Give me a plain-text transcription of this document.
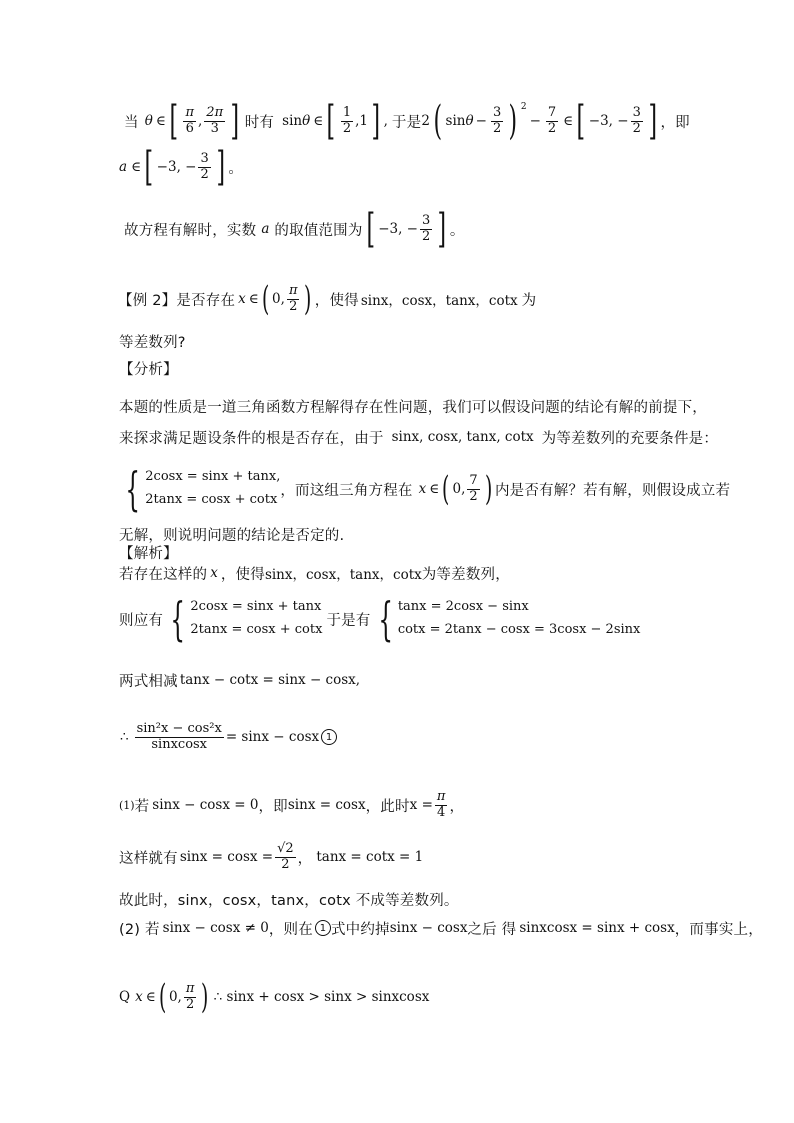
当 θ ∈ [ $\frac{\pi}{6}$ , $\frac{2\pi}{3}$ ] 时有 sin θ ∈ [ $\frac{1}{2} ,1$ ] , 于是 2 ( $\sin \theta - \frac{3}{2}$ ) $^2$
− $\frac{7}{2}$ ∈ [ −3, − $\frac{3}{2}$ ] ，即
a ∈ [ −3, − $\frac{3}{2}$ ] 。
故方程有解时，实数 a 的取值范围为 [ −3, − $\frac{3}{2}$ ] 。
【例 2】 是否存在 x ∈ ( 0, $\frac{\pi}{2}$ ) ，使得 sinx，cosx，tanx，cotx 为
等差数列?
【分析】
本题的性质是一道三角函数方程解得存在性问题，我们可以假设问题的结论有解的前提下，
来探求满足题设条件的根是否存在，由于 sinx, cosx, tanx, cotx 为等差数列的充要条件是：
{ 2cosx = sinx + tanx,
2tanx = cosx + cotx
，而这组三角方程在 x ∈ ( 0, $\frac{7}{2}$ ) 内是否有解？若有解，则假设成立若
无解，则说明问题的结论是否定的.
【解析】
若存在这样的 x ，使得 sinx，cosx，tanx，cotx 为等差数列，
则应有 { 2cosx = sinx + tanx
2tanx = cosx + cotx
于是有 { tanx = 2cosx − sinx
cotx = 2tanx − cosx = 3cosx − 2sinx
两式相减 tanx − cotx = sinx − cosx,
∴ $\frac{\text{sin²x − cos²x}}{\text{sinxcosx}} = \sin x - \cos x$ 1
(1) 若 sinx − cosx = 0 ，即 sinx = cosx ，此时 $x = \frac{\pi}{4}$ ，
这样就有 $\sin x = \cos x = \frac{√2}{2}$ ， tanx = cotx = 1
故此时，sinx，cosx，tanx，cotx 不成等差数列。
(2) 若 sinx − cosx ≠ 0 ，则在 1 式中约掉 sinx − cosx 之后 得 sinxcosx = sinx + cosx ，而事实上，
Q x ∈ ( 0, $\frac{\pi}{2}$ ) ∴ sinx + cosx > sinx > sinxcosx
